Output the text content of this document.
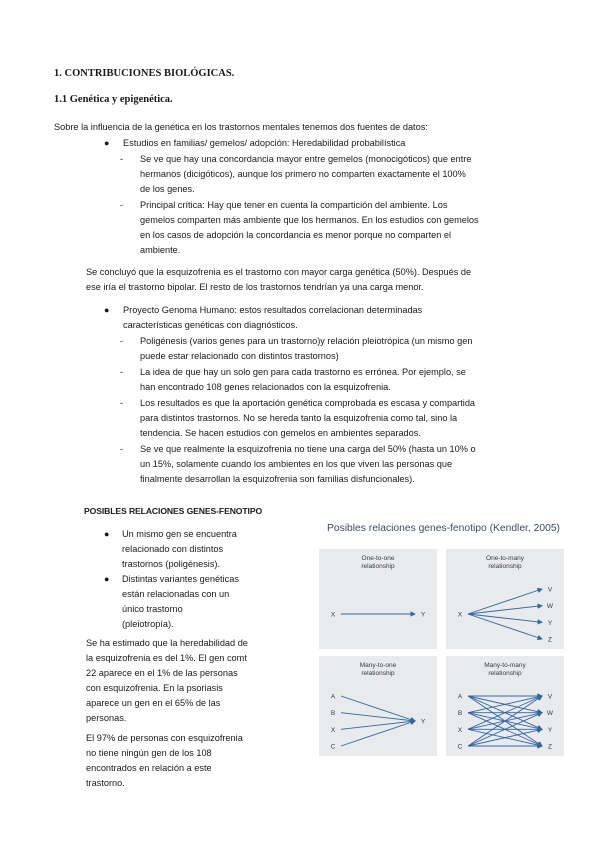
1. CONTRIBUCIONES BIOLÓGICAS.
1.1 Genética y epigenética.
Sobre la influencia de la genética en los trastornos mentales tenemos dos fuentes de datos:
● Estudios en familias/ gemelos/ adopción: Heredabilidad probabilística
- Se ve que hay una concordancia mayor entre gemelos (monocigóticos) que entre
hermanos (dicigóticos), aunque los primero no comparten exactamente el 100%
de los genes.
- Principal crítica: Hay que tener en cuenta la compartición del ambiente. Los
gemelos comparten más ambiente que los hermanos. En los estudios con gemelos
en los casos de adopción la concordancia es menor porque no comparten el
ambiente.
Se concluyó que la esquizofrenia es el trastorno con mayor carga genética (50%). Después de
ese iría el trastorno bipolar. El resto de los trastornos tendrían ya una carga menor.
● Proyecto Genoma Humano: estos resultados correlacionan determinadas
características genéticas con diagnósticos.
- Poligénesis (varios genes para un trastorno)y relación pleiotrópica (un mismo gen
puede estar relacionado con distintos trastornos)
- La idea de que hay un solo gen para cada trastorno es errónea. Por ejemplo, se
han encontrado 108 genes relacionados con la esquizofrenia.
- Los resultados es que la aportación genética comprobada es escasa y compartida
para distintos trastornos. No se hereda tanto la esquizofrenia como tal, sino la
tendencia. Se hacen estudios con gemelos en ambientes separados.
- Se ve que realmente la esquizofrenia no tiene una carga del 50% (hasta un 10% o
un 15%, solamente cuando los ambientes en los que viven las personas que
finalmente desarrollan la esquizofrenia son familias disfuncionales).
POSIBLES RELACIONES GENES-FENOTIPO
● Un mismo gen se encuentra
relacionado con distintos
trastornos (poligénesis).
● Distintas variantes genéticas
están relacionadas con un
único trastorno
(pleiotropía).
Se ha estimado que la heredabilidad de
la esquizofrenia es del 1%. El gen comt
22 aparece en el 1% de las personas
con esquizofrenia. En la psoriasis
aparece un gen en el 65% de las
personas.
El 97% de personas con esquizofrenia
no tiene ningún gen de los 108
encontrados en relación a este
trastorno.
Posibles relaciones genes-fenotipo (Kendler, 2005)
One-to-one
relationship
X	Y
One-to-many
relationship
X
V
W
Y
Z
Many-to-one
relationship
A
B
X
C
Y
Many-to-many
relationship
A
B
X
C
V
W
Y
Z
